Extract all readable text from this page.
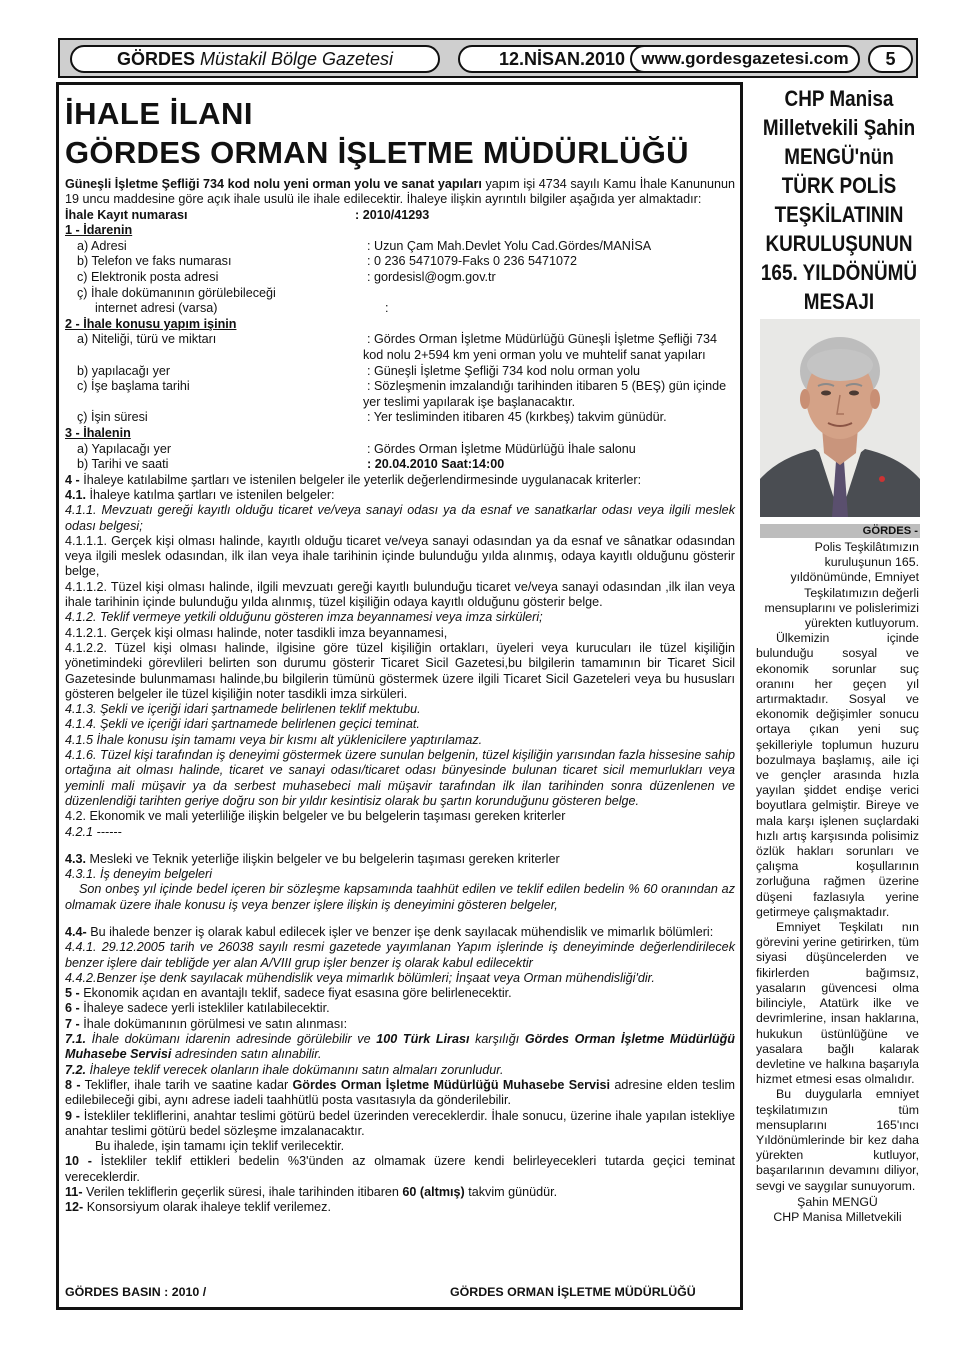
GÖRDES Müstakil Bölge Gazetesi	12.NİSAN.2010 www.gordesgazetesi.com	5
İHALE İLANI
GÖRDES ORMAN İŞLETME MÜDÜRLÜĞÜ

Güneşli İşletme Şefliği 734 kod nolu yeni orman yolu ve sanat yapıları yapım işi 4734 sayılı Kamu İhale Kanununun 19 uncu maddesine göre açık ihale usulü ile ihale edilecektir. İhaleye ilişkin ayrıntılı bilgiler aşağıda yer almaktadır:

İhale Kayıt numarası	: 2010/41293
1 - İdarenin
a) Adresi	: Uzun Çam Mah.Devlet Yolu Cad.Gördes/MANİSA
b) Telefon ve faks numarası	: 0 236 5471079-Faks 0 236 5471072
c) Elektronik posta adresi	: gordesisl@ogm.gov.tr
ç) İhale dokümanının görülebileceği
internet adresi (varsa)	:
2 - İhale konusu yapım işinin
a) Niteliği, türü ve miktarı	: Gördes Orman İşletme Müdürlüğü Güneşli İşletme Şefliği 734
kod nolu 2+594 km yeni orman yolu ve muhtelif sanat yapıları
b) yapılacağı yer	: Güneşli İşletme Şefliği 734 kod nolu orman yolu
c) İşe başlama tarihi	: Sözleşmenin imzalandığı tarihinden itibaren 5 (BEŞ) gün içinde
yer teslimi yapılarak işe başlanacaktır.
ç) İşin süresi	: Yer tesliminden itibaren 45 (kırkbeş) takvim günüdür.
3 - İhalenin
a) Yapılacağı yer	: Gördes Orman İşletme Müdürlüğü İhale salonu
b) Tarihi ve saati	: 20.04.2010 Saat:14:00

4 - İhaleye katılabilme şartları ve istenilen belgeler ile yeterlik değerlendirmesinde uygulanacak kriterler:

4.1. İhaleye katılma şartları ve istenilen belgeler:

4.1.1. Mevzuatı gereği kayıtlı olduğu ticaret ve/veya sanayi odası ya da esnaf ve sanatkarlar odası veya ilgili meslek odası belgesi;

4.1.1.1. Gerçek kişi olması halinde, kayıtlı olduğu ticaret ve/veya sanayi odasından ya da esnaf ve sânatkar odasından veya ilgili meslek odasından, ilk ilan veya ihale tarihinin içinde bulunduğu yılda alınmış, odaya kayıtlı olduğunu gösterir belge,

4.1.1.2. Tüzel kişi olması halinde, ilgili mevzuatı gereği kayıtlı bulunduğu ticaret ve/veya sanayi odasından ,ilk ilan veya ihale tarihinin içinde bulunduğu yılda alınmış, tüzel kişiliğin odaya kayıtlı olduğunu gösterir belge.

4.1.2. Teklif vermeye yetkili olduğunu gösteren imza beyannamesi veya imza sirküleri;

4.1.2.1. Gerçek kişi olması halinde, noter tasdikli imza beyannamesi,

4.1.2.2. Tüzel kişi olması halinde, ilgisine göre tüzel kişiliğin ortakları, üyeleri veya kurucuları ile tüzel kişiliğin yönetimindeki görevlileri belirten son durumu gösterir Ticaret Sicil Gazetesi,bu bilgilerin tamamının bir Ticaret Sicil Gazetesinde bulunmaması halinde,bu bilgilerin tümünü göstermek üzere ilgili Ticaret Sicil Gazeteleri veya bu hususları gösteren belgeler ile tüzel kişiliğin noter tasdikli imza sirküleri.

4.1.3. Şekli ve içeriği idari şartnamede belirlenen teklif mektubu.

4.1.4. Şekli ve içeriği idari şartnamede belirlenen geçici teminat.

4.1.5 İhale konusu işin tamamı veya bir kısmı alt yüklenicilere yaptırılamaz.

4.1.6. Tüzel kişi tarafından iş deneyimi göstermek üzere sunulan belgenin, tüzel kişiliğin yarısından fazla hissesine sahip ortağına ait olması halinde, ticaret ve sanayi odası/ticaret odası bünyesinde bulunan ticaret sicil memurlukları veya yeminli mali müşavir ya da serbest muhasebeci mali müşavir tarafından ilk ilan tarihinden sonra düzenlenen ve düzenlendiği tarihten geriye doğru son bir yıldır kesintisiz olarak bu şartın korunduğunu gösteren belge.

4.2. Ekonomik ve mali yeterliliğe ilişkin belgeler ve bu belgelerin taşıması gereken kriterler

4.2.1 ------

4.3. Mesleki ve Teknik yeterliğe ilişkin belgeler ve bu belgelerin taşıması gereken kriterler

4.3.1. İş deneyim belgeleri

Son onbeş yıl içinde bedel içeren bir sözleşme kapsamında taahhüt edilen ve teklif edilen bedelin % 60 oranından az olmamak üzere ihale konusu iş veya benzer işlere ilişkin iş deneyimini gösteren belgeler,

4.4- Bu ihalede benzer iş olarak kabul edilecek işler ve benzer işe denk sayılacak mühendislik ve mimarlık bölümleri:

4.4.1. 29.12.2005 tarih ve 26038 sayılı resmi gazetede yayımlanan Yapım işlerinde iş deneyiminde değerlendirilecek benzer işlere dair tebliğde yer alan A/VIII grup işler benzer iş olarak kabul edilecektir

4.4.2.Benzer işe denk sayılacak mühendislik veya mimarlık bölümleri; İnşaat veya Orman mühendisliği'dir.

5 - Ekonomik açıdan en avantajlı teklif, sadece fiyat esasına göre belirlenecektir.

6 - İhaleye sadece yerli istekliler katılabilecektir.

7 - İhale dokümanının görülmesi ve satın alınması:

7.1. İhale dokümanı idarenin adresinde görülebilir ve 100 Türk Lirası karşılığı Gördes Orman İşletme Müdürlüğü Muhasebe Servisi adresinden satın alınabilir.

7.2. İhaleye teklif verecek olanların ihale dokümanını satın almaları zorunludur.

8 - Teklifler, ihale tarih ve saatine kadar Gördes Orman İşletme Müdürlüğü Muhasebe Servisi adresine elden teslim edilebileceği gibi, aynı adrese iadeli taahhütlü posta vasıtasıyla da gönderilebilir.

9 - İstekliler tekliflerini, anahtar teslimi götürü bedel üzerinden vereceklerdir. İhale sonucu, üzerine ihale yapılan istekliye anahtar teslimi götürü bedel sözleşme imzalanacaktır.

Bu ihalede, işin tamamı için teklif verilecektir.

10 - İstekliler teklif ettikleri bedelin %3'ünden az olmamak üzere kendi belirleyecekleri tutarda geçici teminat vereceklerdir.

11- Verilen tekliflerin geçerlik süresi, ihale tarihinden itibaren 60 (altmış) takvim günüdür.

12- Konsorsiyum olarak ihaleye teklif verilemez.

GÖRDES BASIN : 2010 /	GÖRDES ORMAN İŞLETME MÜDÜRLÜĞÜ
CHP Manisa
Milletvekili Şahin
MENGÜ'nün
TÜRK POLİS
TEŞKİLATININ
KURULUŞUNUN
165. YILDÖNÜMÜ
MESAJI
GÖRDES -

Polis Teşkilâtımızın kuruluşunun 165. yıldönümünde, Emniyet Teşkilatımızın değerli mensuplarını ve polislerimizi yürekten kutluyorum.

Ülkemizin içinde bulunduğu sosyal ve ekonomik sorunlar suç oranını her geçen yıl artırmaktadır. Sosyal ve ekonomik değişimler sonucu ortaya çıkan yeni suç şekilleriyle toplumun huzuru bozulmaya başlamış, aile içi ve gençler arasında hızla yayılan şiddet endişe verici boyutlara gelmiştir. Bireye ve mala karşı işlenen suçlardaki hızlı artış karşısında polisimiz özlük hakları sorunları ve çalışma koşullarının zorluğuna rağmen üzerine düşeni fazlasıyla yerine getirmeye çalışmaktadır.

Emniyet Teşkilatı nın görevini yerine getirirken, tüm siyasi düşüncelerden ve fikirlerden bağımsız, yasaların güvencesi olma bilinciyle, Atatürk ilke ve devrimlerine, insan haklarına, hukukun üstünlüğüne ve yasalara bağlı kalarak devletine ve halkına başarıyla hizmet etmesi esas olmalıdır.

Bu duygularla emniyet teşkilatımızın tüm mensuplarını 165'ıncı Yıldönümlerinde bir kez daha yürekten kutluyor, başarılarının devamını diliyor, sevgi ve saygılar sunuyorum.

Şahin MENGÜ
CHP Manisa Milletvekili
